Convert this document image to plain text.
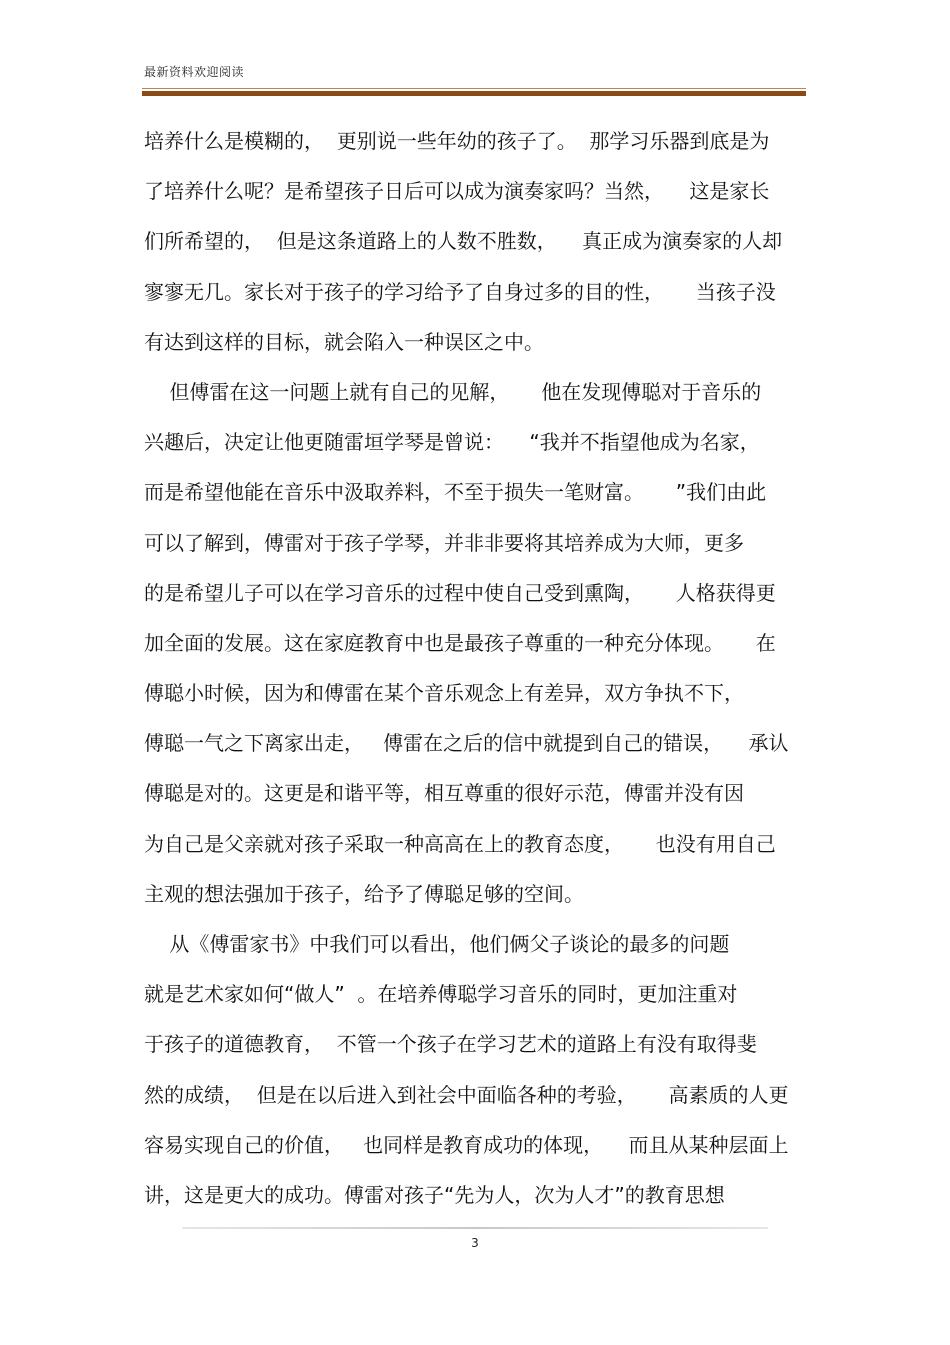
最新资料欢迎阅读
培养什么是模糊的，  更别说一些年幼的孩子了。  那学习乐器到底是为
了培养什么呢？是希望孩子日后可以成为演奏家吗？当然，    这是家长
们所希望的，  但是这条道路上的人数不胜数，    真正成为演奏家的人却
寥寥无几。家长对于孩子的学习给予了自身过多的目的性，     当孩子没
有达到这样的目标，就会陷入一种误区之中。
但傅雷在这一问题上就有自己的见解，     他在发现傅聪对于音乐的
兴趣后，决定让他更随雷垣学琴是曾说：    “我并不指望他成为名家，
而是希望他能在音乐中汲取养料，不至于损失一笔财富。     ”我们由此
可以了解到，傅雷对于孩子学琴，并非非要将其培养成为大师，更多
的是希望儿子可以在学习音乐的过程中使自己受到熏陶，     人格获得更
加全面的发展。这在家庭教育中也是最孩子尊重的一种充分体现。     在
傅聪小时候，因为和傅雷在某个音乐观念上有差异，双方争执不下，
傅聪一气之下离家出走，   傅雷在之后的信中就提到自己的错误，    承认
傅聪是对的。这更是和谐平等，相互尊重的很好示范，傅雷并没有因
为自己是父亲就对孩子采取一种高高在上的教育态度，     也没有用自己
主观的想法强加于孩子，给予了傅聪足够的空间。
从《傅雷家书》中我们可以看出，他们俩父子谈论的最多的问题
就是艺术家如何“做人”  。在培养傅聪学习音乐的同时，更加注重对
于孩子的道德教育，  不管一个孩子在学习艺术的道路上有没有取得斐
然的成绩，  但是在以后进入到社会中面临各种的考验，     高素质的人更
容易实现自己的价值，   也同样是教育成功的体现，    而且从某种层面上
讲，这是更大的成功。傅雷对孩子“先为人，次为人才”的教育思想
3
